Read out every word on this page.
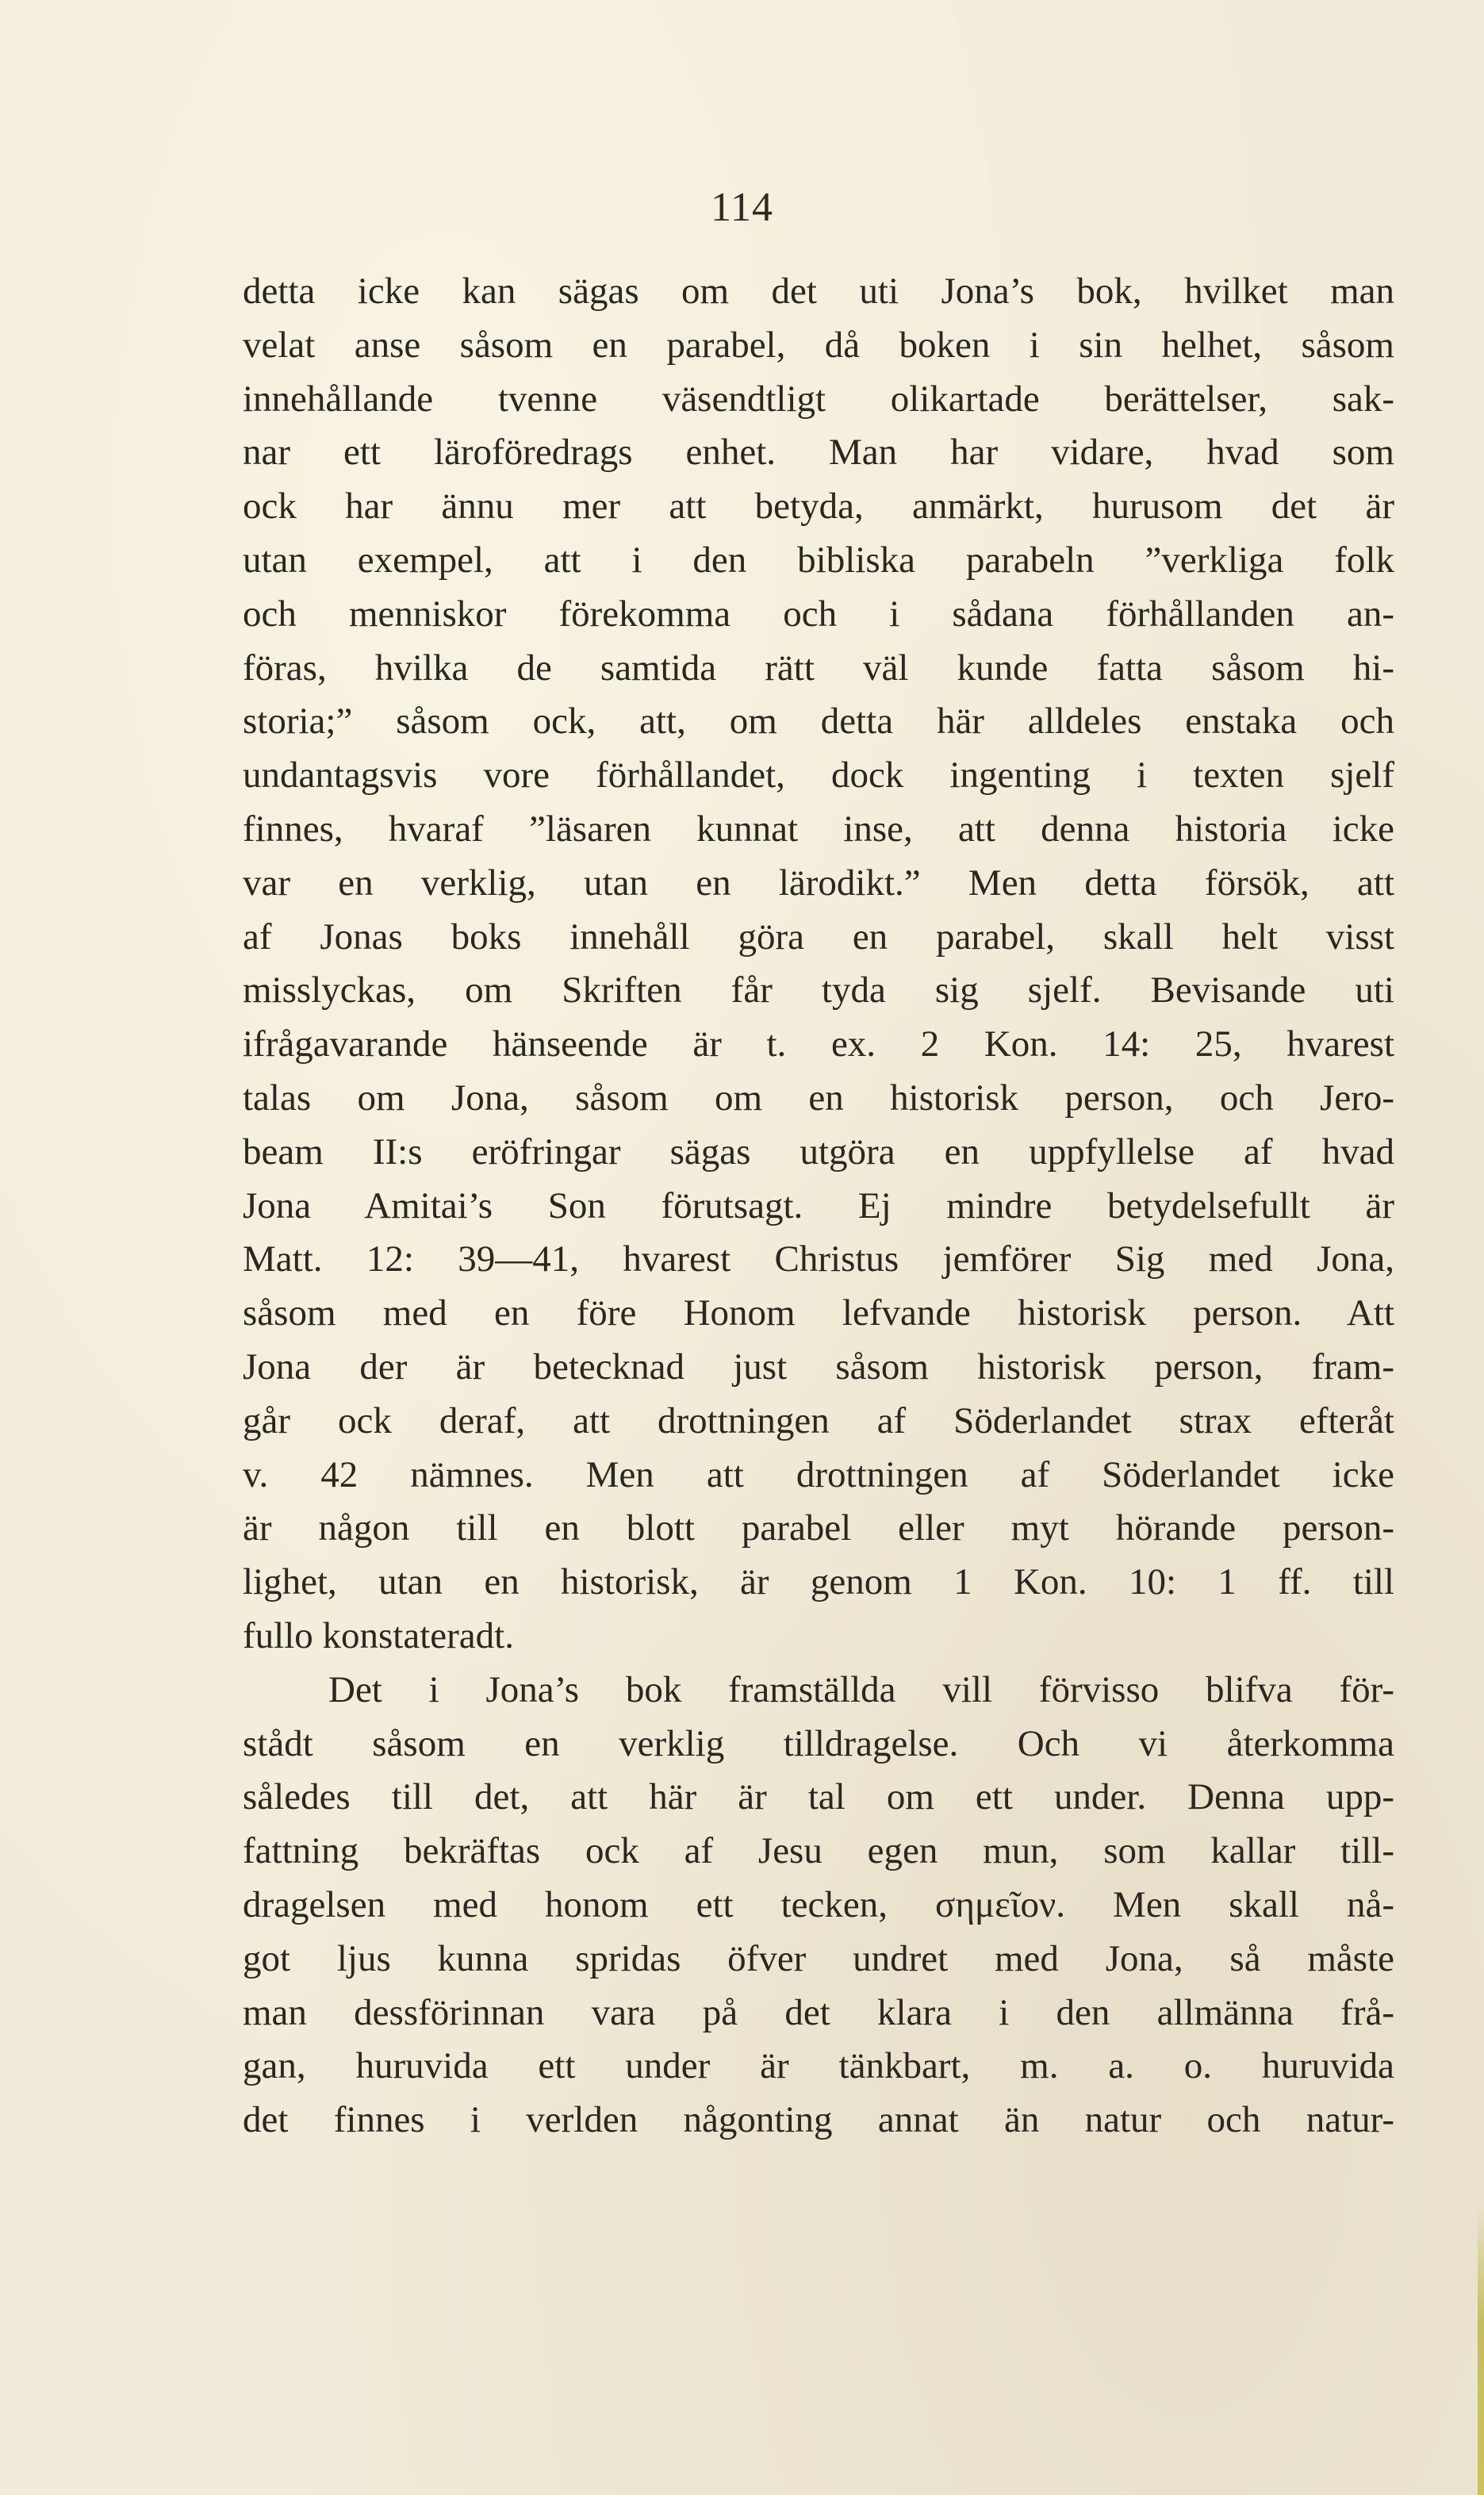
114
detta icke kan sägas om det uti Jona’s bok, hvilket man
velat anse såsom en parabel, då boken i sin helhet, såsom
innehållande tvenne väsendtligt olikartade berättelser, sak-
nar ett läroföredrags enhet. Man har vidare, hvad som
ock har ännu mer att betyda, anmärkt, hurusom det är
utan exempel, att i den bibliska parabeln ”verkliga folk
och menniskor förekomma och i sådana förhållanden an-
föras, hvilka de samtida rätt väl kunde fatta såsom hi-
storia;” såsom ock, att, om detta här alldeles enstaka och
undantagsvis vore förhållandet, dock ingenting i texten sjelf
finnes, hvaraf ”läsaren kunnat inse, att denna historia icke
var en verklig, utan en lärodikt.” Men detta försök, att
af Jonas boks innehåll göra en parabel, skall helt visst
misslyckas, om Skriften får tyda sig sjelf. Bevisande uti
ifrågavarande hänseende är t. ex. 2 Kon. 14: 25, hvarest
talas om Jona, såsom om en historisk person, och Jero-
beam II:s eröfringar sägas utgöra en uppfyllelse af hvad
Jona Amitai’s Son förutsagt. Ej mindre betydelsefullt är
Matt. 12: 39—41, hvarest Christus jemförer Sig med Jona,
såsom med en före Honom lefvande historisk person. Att
Jona der är betecknad just såsom historisk person, fram-
går ock deraf, att drottningen af Söderlandet strax efteråt
v. 42 nämnes. Men att drottningen af Söderlandet icke
är någon till en blott parabel eller myt hörande person-
lighet, utan en historisk, är genom 1 Kon. 10: 1 ff. till
fullo konstateradt.
Det i Jona’s bok framställda vill förvisso blifva för-
stådt såsom en verklig tilldragelse. Och vi återkomma
således till det, att här är tal om ett under. Denna upp-
fattning bekräftas ock af Jesu egen mun, som kallar till-
dragelsen med honom ett tecken, σημεῖον. Men skall nå-
got ljus kunna spridas öfver undret med Jona, så måste
man dessförinnan vara på det klara i den allmänna frå-
gan, huruvida ett under är tänkbart, m. a. o. huruvida
det finnes i verlden någonting annat än natur och natur-
